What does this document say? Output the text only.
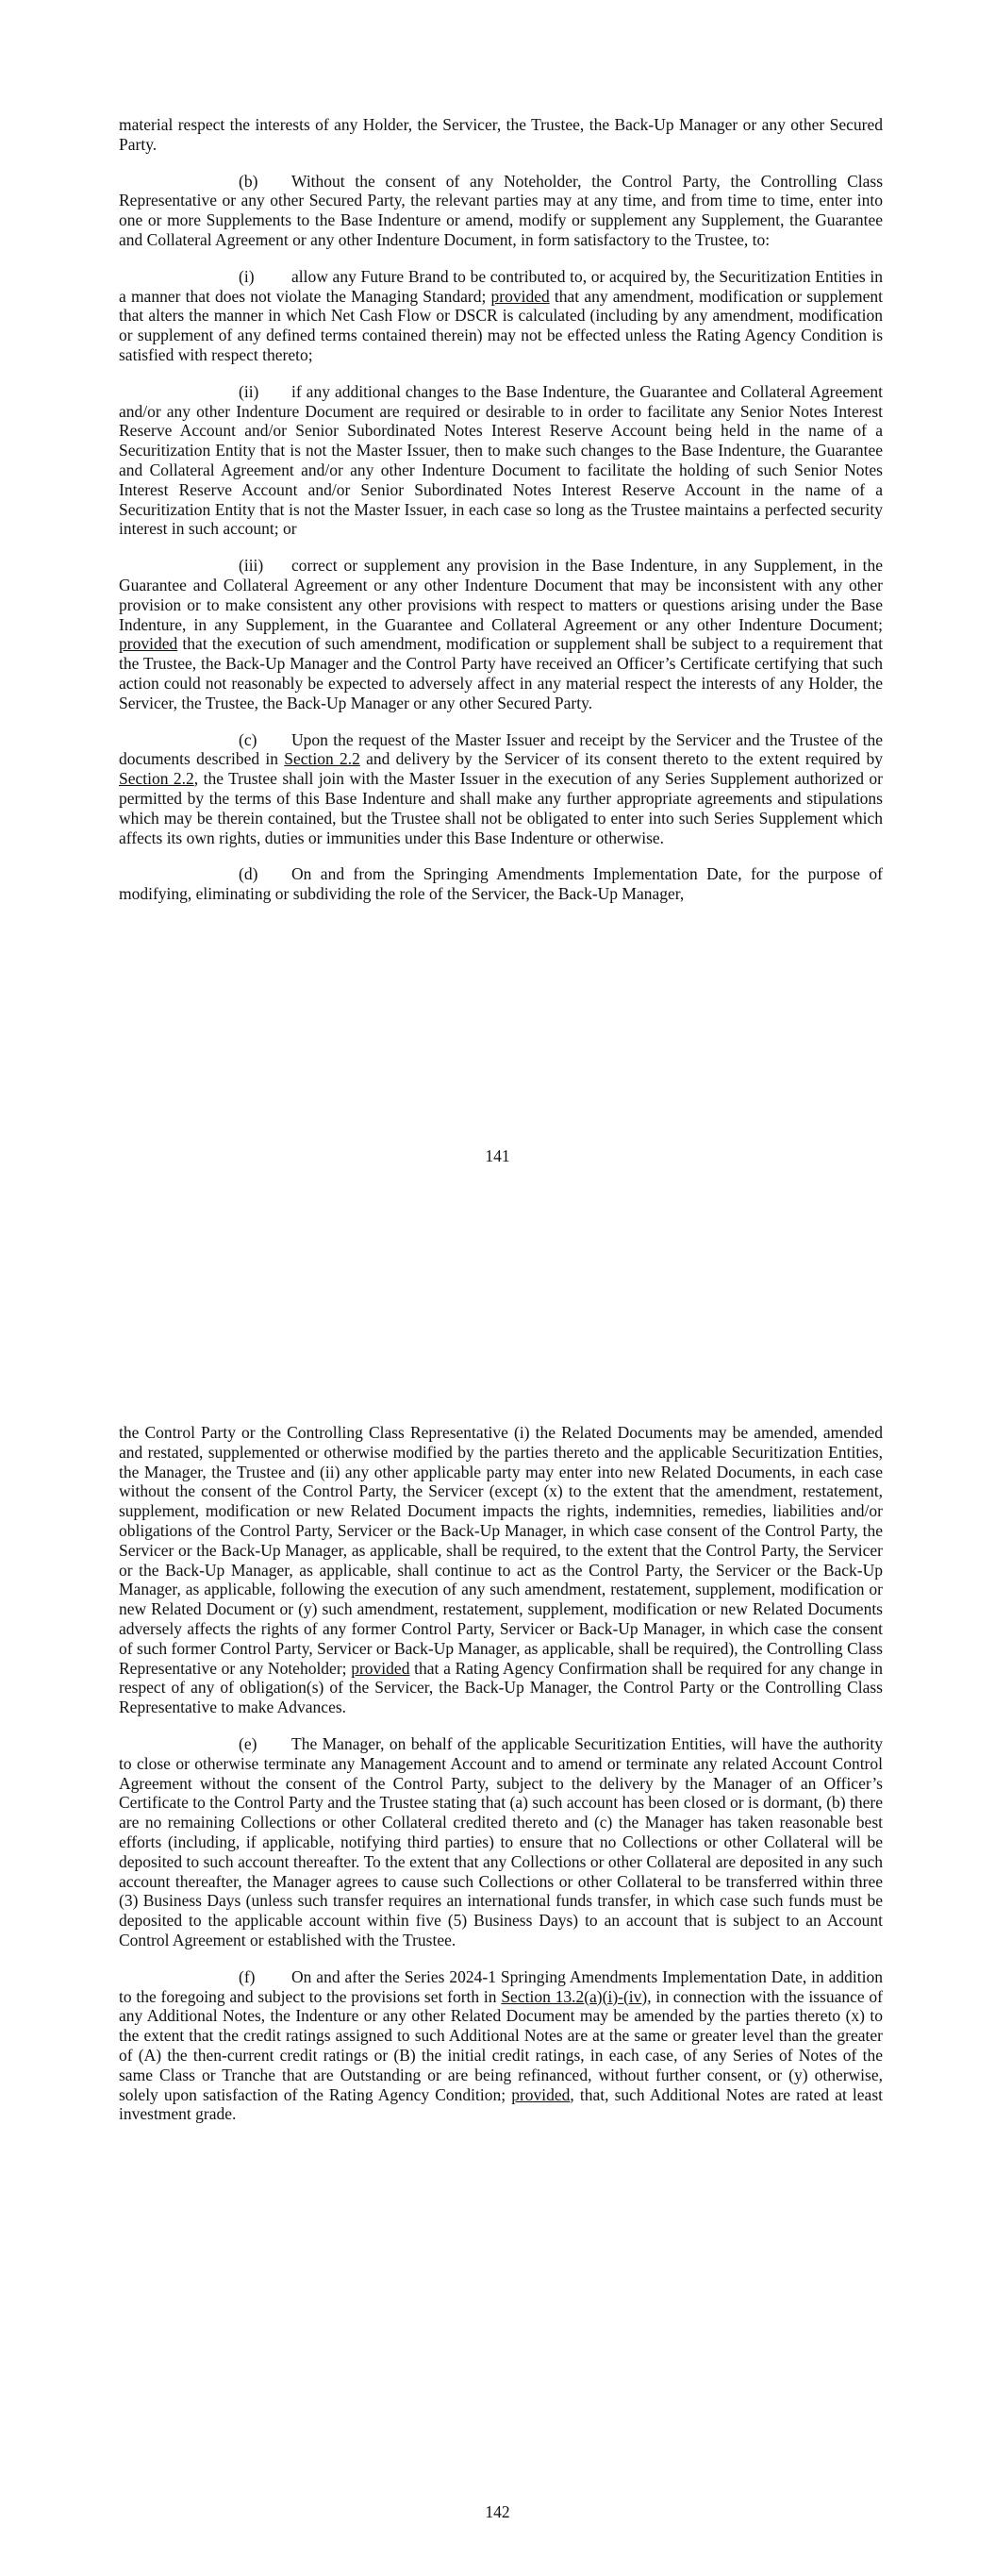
material respect the interests of any Holder, the Servicer, the Trustee, the Back-Up Manager or any other Secured Party.

(b) Without the consent of any Noteholder, the Control Party, the Controlling Class Representative or any other Secured Party, the relevant parties may at any time, and from time to time, enter into one or more Supplements to the Base Indenture or amend, modify or supplement any Supplement, the Guarantee and Collateral Agreement or any other Indenture Document, in form satisfactory to the Trustee, to:

(i) allow any Future Brand to be contributed to, or acquired by, the Securitization Entities in a manner that does not violate the Managing Standard; provided that any amendment, modification or supplement that alters the manner in which Net Cash Flow or DSCR is calculated (including by any amendment, modification or supplement of any defined terms contained therein) may not be effected unless the Rating Agency Condition is satisfied with respect thereto;

(ii) if any additional changes to the Base Indenture, the Guarantee and Collateral Agreement and/or any other Indenture Document are required or desirable to in order to facilitate any Senior Notes Interest Reserve Account and/or Senior Subordinated Notes Interest Reserve Account being held in the name of a Securitization Entity that is not the Master Issuer, then to make such changes to the Base Indenture, the Guarantee and Collateral Agreement and/or any other Indenture Document to facilitate the holding of such Senior Notes Interest Reserve Account and/or Senior Subordinated Notes Interest Reserve Account in the name of a Securitization Entity that is not the Master Issuer, in each case so long as the Trustee maintains a perfected security interest in such account; or

(iii) correct or supplement any provision in the Base Indenture, in any Supplement, in the Guarantee and Collateral Agreement or any other Indenture Document that may be inconsistent with any other provision or to make consistent any other provisions with respect to matters or questions arising under the Base Indenture, in any Supplement, in the Guarantee and Collateral Agreement or any other Indenture Document; provided that the execution of such amendment, modification or supplement shall be subject to a requirement that the Trustee, the Back-Up Manager and the Control Party have received an Officer’s Certificate certifying that such action could not reasonably be expected to adversely affect in any material respect the interests of any Holder, the Servicer, the Trustee, the Back-Up Manager or any other Secured Party.

(c) Upon the request of the Master Issuer and receipt by the Servicer and the Trustee of the documents described in Section 2.2 and delivery by the Servicer of its consent thereto to the extent required by Section 2.2, the Trustee shall join with the Master Issuer in the execution of any Series Supplement authorized or permitted by the terms of this Base Indenture and shall make any further appropriate agreements and stipulations which may be therein contained, but the Trustee shall not be obligated to enter into such Series Supplement which affects its own rights, duties or immunities under this Base Indenture or otherwise.

(d) On and from the Springing Amendments Implementation Date, for the purpose of modifying, eliminating or subdividing the role of the Servicer, the Back-Up Manager,

141

the Control Party or the Controlling Class Representative (i) the Related Documents may be amended, amended and restated, supplemented or otherwise modified by the parties thereto and the applicable Securitization Entities, the Manager, the Trustee and (ii) any other applicable party may enter into new Related Documents, in each case without the consent of the Control Party, the Servicer (except (x) to the extent that the amendment, restatement, supplement, modification or new Related Document impacts the rights, indemnities, remedies, liabilities and/or obligations of the Control Party, Servicer or the Back-Up Manager, in which case consent of the Control Party, the Servicer or the Back-Up Manager, as applicable, shall be required, to the extent that the Control Party, the Servicer or the Back-Up Manager, as applicable, shall continue to act as the Control Party, the Servicer or the Back-Up Manager, as applicable, following the execution of any such amendment, restatement, supplement, modification or new Related Document or (y) such amendment, restatement, supplement, modification or new Related Documents adversely affects the rights of any former Control Party, Servicer or Back-Up Manager, in which case the consent of such former Control Party, Servicer or Back-Up Manager, as applicable, shall be required), the Controlling Class Representative or any Noteholder; provided that a Rating Agency Confirmation shall be required for any change in respect of any of obligation(s) of the Servicer, the Back-Up Manager, the Control Party or the Controlling Class Representative to make Advances.

(e) The Manager, on behalf of the applicable Securitization Entities, will have the authority to close or otherwise terminate any Management Account and to amend or terminate any related Account Control Agreement without the consent of the Control Party, subject to the delivery by the Manager of an Officer’s Certificate to the Control Party and the Trustee stating that (a) such account has been closed or is dormant, (b) there are no remaining Collections or other Collateral credited thereto and (c) the Manager has taken reasonable best efforts (including, if applicable, notifying third parties) to ensure that no Collections or other Collateral will be deposited to such account thereafter. To the extent that any Collections or other Collateral are deposited in any such account thereafter, the Manager agrees to cause such Collections or other Collateral to be transferred within three (3) Business Days (unless such transfer requires an international funds transfer, in which case such funds must be deposited to the applicable account within five (5) Business Days) to an account that is subject to an Account Control Agreement or established with the Trustee.

(f) On and after the Series 2024-1 Springing Amendments Implementation Date, in addition to the foregoing and subject to the provisions set forth in Section 13.2(a)(i)-(iv), in connection with the issuance of any Additional Notes, the Indenture or any other Related Document may be amended by the parties thereto (x) to the extent that the credit ratings assigned to such Additional Notes are at the same or greater level than the greater of (A) the then-current credit ratings or (B) the initial credit ratings, in each case, of any Series of Notes of the same Class or Tranche that are Outstanding or are being refinanced, without further consent, or (y) otherwise, solely upon satisfaction of the Rating Agency Condition; provided, that, such Additional Notes are rated at least investment grade.

142
